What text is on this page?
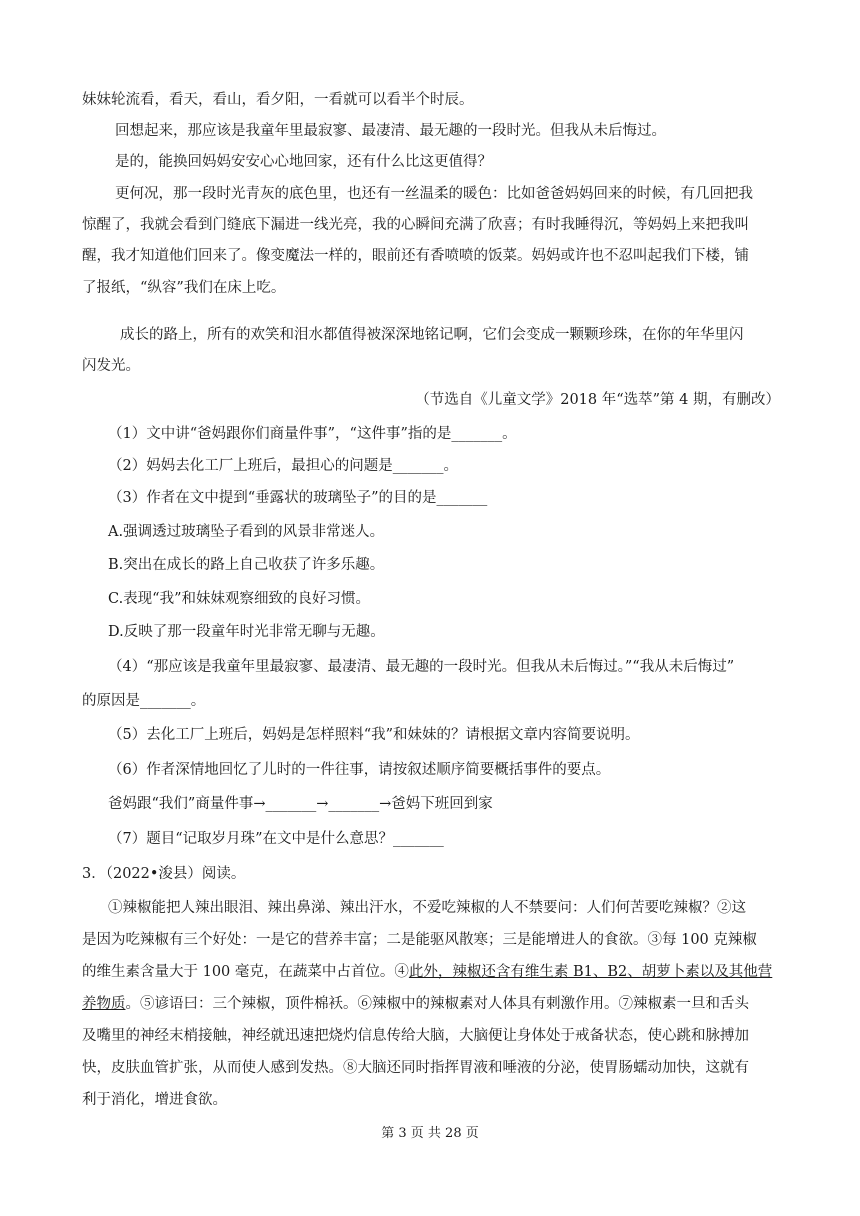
妹妹轮流看，看天，看山，看夕阳，一看就可以看半个时辰。
回想起来，那应该是我童年里最寂寥、最凄清、最无趣的一段时光。但我从未后悔过。
是的，能换回妈妈安安心心地回家，还有什么比这更值得？
更何况，那一段时光青灰的底色里，也还有一丝温柔的暖色：比如爸爸妈妈回来的时候，有几回把我
惊醒了，我就会看到门缝底下漏进一线光亮，我的心瞬间充满了欣喜；有时我睡得沉，等妈妈上来把我叫
醒，我才知道他们回来了。像变魔法一样的，眼前还有香喷喷的饭菜。妈妈或许也不忍叫起我们下楼，铺
了报纸，“纵容”我们在床上吃。
成长的路上，所有的欢笑和泪水都值得被深深地铭记啊，它们会变成一颗颗珍珠，在你的年华里闪
闪发光。
（节选自《儿童文学》2018 年“选萃”第 4 期，有删改）
（1）文中讲“爸妈跟你们商量件事”，“这件事”指的是_______。
（2）妈妈去化工厂上班后，最担心的问题是_______。
（3）作者在文中提到“垂露状的玻璃坠子”的目的是_______
A.强调透过玻璃坠子看到的风景非常迷人。
B.突出在成长的路上自己收获了许多乐趣。
C.表现“我”和妹妹观察细致的良好习惯。
D.反映了那一段童年时光非常无聊与无趣。
（4）“那应该是我童年里最寂寥、最凄清、最无趣的一段时光。但我从未后悔过。”“我从未后悔过”
的原因是_______。
（5）去化工厂上班后，妈妈是怎样照料“我”和妹妹的？请根据文章内容简要说明。
（6）作者深情地回忆了儿时的一件往事，请按叙述顺序简要概括事件的要点。
爸妈跟“我们”商量件事→_______→_______→爸妈下班回到家
（7）题目“记取岁月珠”在文中是什么意思？_______
3．（2022•浚县）阅读。
①辣椒能把人辣出眼泪、辣出鼻涕、辣出汗水，不爱吃辣椒的人不禁要问：人们何苦要吃辣椒？②这
是因为吃辣椒有三个好处：一是它的营养丰富；二是能驱风散寒；三是能增进人的食欲。③每 100 克辣椒
的维生素含量大于 100 毫克，在蔬菜中占首位。④此外，辣椒还含有维生素 B1、B2、胡萝卜素以及其他营
养物质。⑤谚语曰：三个辣椒，顶件棉袄。⑥辣椒中的辣椒素对人体具有刺激作用。⑦辣椒素一旦和舌头
及嘴里的神经末梢接触，神经就迅速把烧灼信息传给大脑，大脑便让身体处于戒备状态，使心跳和脉搏加
快，皮肤血管扩张，从而使人感到发热。⑧大脑还同时指挥胃液和唾液的分泌，使胃肠蠕动加快，这就有
利于消化，增进食欲。
第 3 页 共 28 页
